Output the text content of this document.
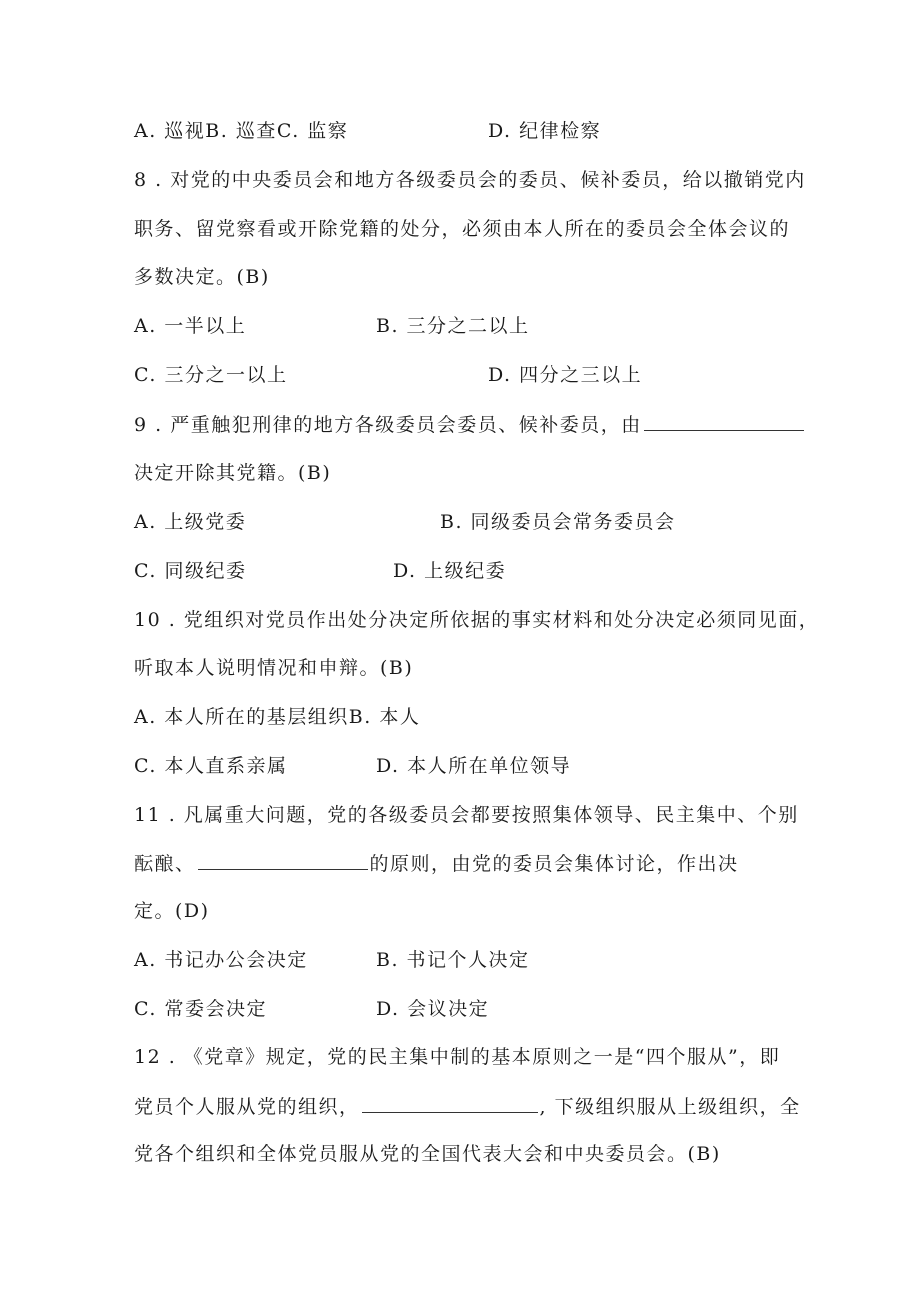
A. 巡视B. 巡查C. 监察	D. 纪律检察
8 . 对党的中央委员会和地方各级委员会的委员、候补委员，给以撤销党内
职务、留党察看或开除党籍的处分，必须由本人所在的委员会全体会议的
多数决定。(B)
A. 一半以上	B. 三分之二以上
C. 三分之一以上	D. 四分之三以上
9 . 严重触犯刑律的地方各级委员会委员、候补委员，由
决定开除其党籍。(B)
A. 上级党委	B. 同级委员会常务委员会
C. 同级纪委	D. 上级纪委
10 . 党组织对党员作出处分决定所依据的事实材料和处分决定必须同见面，
听取本人说明情况和申辩。(B)
A. 本人所在的基层组织B. 本人
C. 本人直系亲属	D. 本人所在单位领导
11 . 凡属重大问题，党的各级委员会都要按照集体领导、民主集中、个别
酝酿、	的原则，由党的委员会集体讨论，作出决
定。(D)
A. 书记办公会决定	B. 书记个人决定
C. 常委会决定	D. 会议决定
12 . 《党章》规定，党的民主集中制的基本原则之一是“四个服从”，即
党员个人服从党的组织，	, 下级组织服从上级组织，全
党各个组织和全体党员服从党的全国代表大会和中央委员会。(B)
